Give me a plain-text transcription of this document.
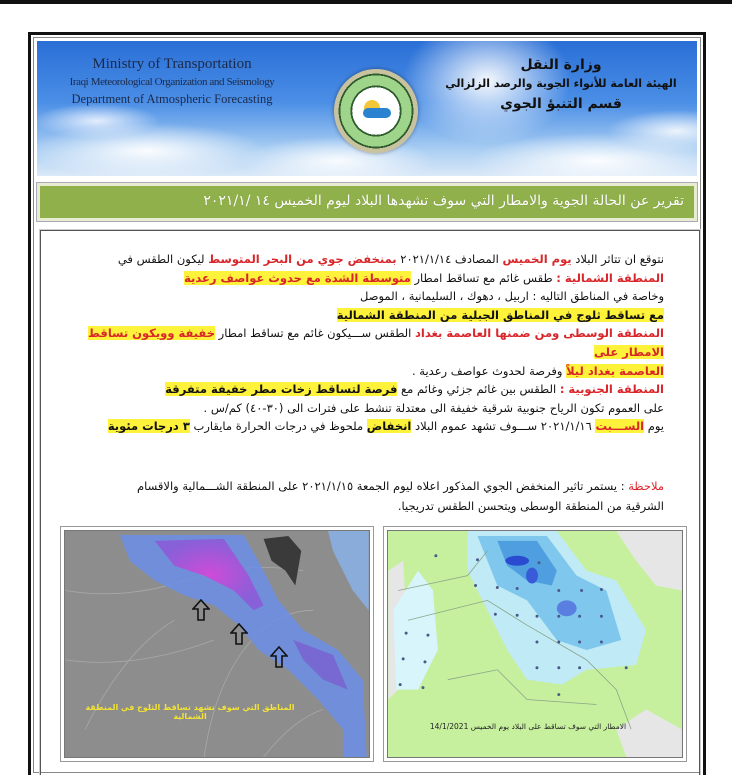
Ministry of Transportation
Iraqi Meteorological Organization and Seismology
Department of Atmospheric Forecasting
وزارة النقل
الهيئة العامة للأنواء الجوية والرصد الزلزالي
قسم التنبؤ الجوي
تقرير عن الحالة الجوية والامطار التي سوف تشهدها البلاد ليوم الخميس ١٤ /٢٠٢١/١

نتوقع ان تتاثر البلاد يوم الخميس المصادف ٢٠٢١/١/١٤ بمنخفض جوي من البحر المتوسط ليكون الطقس في

المنطقة الشمالية : طقس غائم مع تساقط امطار متوسطة الشدة مع حدوث عواصف رعدية

وخاصة في المناطق التاليه : اربيل ، دهوك ، السليمانية ، الموصل

مع تساقط ثلوج في المناطق الجبلية من المنطقة الشمالية

المنطقة الوسطى ومن ضمنها العاصمة بغداد الطقس ســـيكون غائم مع تساقط امطار خفيفة وويكون تساقط الامطار على

العاصمة بغداد ليلاً وفرصة لحدوث عواصف رعدية .

المنطقة الجنوبية : الطقس بين غائم جزئي وغائم مع فرصة لتساقط زخات مطر خفيفة متفرقة

على العموم تكون الرياح جنوبية شرقية خفيفة الى معتدلة تنشط على فترات الى (٣٠-٤٠) كم/س .

يوم الســـبت ٢٠٢١/١/١٦ ســـوف تشهد عموم البلاد انخفاض ملحوظ في درجات الحرارة مايقارب ٣ درجات مئوية

ملاحظة : يستمر تاثير المنخفض الجوي المذكور اعلاه ليوم الجمعة ٢٠٢١/١/١٥ على المنطقة الشـــمالية والاقسام

الشرقية من المنطقة الوسطى ويتحسن الطقس تدريجيا.

المناطق التي سوف تشهد تساقط الثلوج في المنطقة الشمالية
الامطار التي سوف تساقط على البلاد يوم الخميس 14/1/2021
